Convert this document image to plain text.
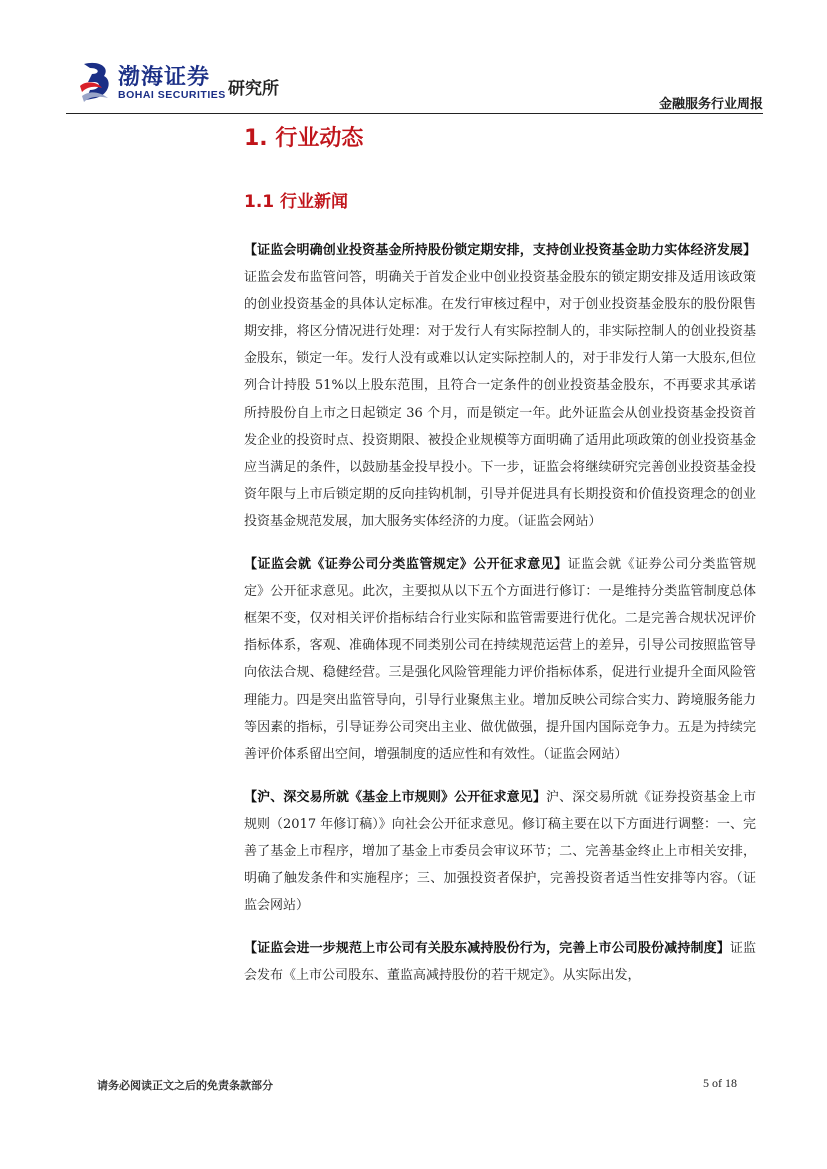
渤海证券
BOHAI SECURITIES 研究所
金融服务行业周报
1. 行业动态
1.1 行业新闻

【证监会明确创业投资基金所持股份锁定期安排，支持创业投资基金助力实体经济发展】证监会发布监管问答，明确关于首发企业中创业投资基金股东的锁定期安排及适用该政策的创业投资基金的具体认定标准。在发行审核过程中，对于创业投资基金股东的股份限售期安排，将区分情况进行处理：对于发行人有实际控制人的，非实际控制人的创业投资基金股东，锁定一年。发行人没有或难以认定实际控制人的，对于非发行人第一大股东,但位列合计持股 51%以上股东范围，且符合一定条件的创业投资基金股东，不再要求其承诺所持股份自上市之日起锁定 36 个月，而是锁定一年。此外证监会从创业投资基金投资首发企业的投资时点、投资期限、被投企业规模等方面明确了适用此项政策的创业投资基金应当满足的条件，以鼓励基金投早投小。下一步，证监会将继续研究完善创业投资基金投资年限与上市后锁定期的反向挂钩机制，引导并促进具有长期投资和价值投资理念的创业投资基金规范发展，加大服务实体经济的力度。（证监会网站）

【证监会就《证券公司分类监管规定》公开征求意见】证监会就《证券公司分类监管规定》公开征求意见。此次，主要拟从以下五个方面进行修订：一是维持分类监管制度总体框架不变，仅对相关评价指标结合行业实际和监管需要进行优化。二是完善合规状况评价指标体系，客观、准确体现不同类别公司在持续规范运营上的差异，引导公司按照监管导向依法合规、稳健经营。三是强化风险管理能力评价指标体系，促进行业提升全面风险管理能力。四是突出监管导向，引导行业聚焦主业。增加反映公司综合实力、跨境服务能力等因素的指标，引导证券公司突出主业、做优做强，提升国内国际竞争力。五是为持续完善评价体系留出空间，增强制度的适应性和有效性。（证监会网站）

【沪、深交易所就《基金上市规则》公开征求意见】沪、深交易所就《证券投资基金上市规则（2017 年修订稿）》向社会公开征求意见。修订稿主要在以下方面进行调整：一、完善了基金上市程序，增加了基金上市委员会审议环节；二、完善基金终止上市相关安排，明确了触发条件和实施程序；三、加强投资者保护，完善投资者适当性安排等内容。（证监会网站）

【证监会进一步规范上市公司有关股东减持股份行为，完善上市公司股份减持制度】证监会发布《上市公司股东、董监高减持股份的若干规定》。从实际出发，

请务必阅读正文之后的免责条款部分	5 of 18
